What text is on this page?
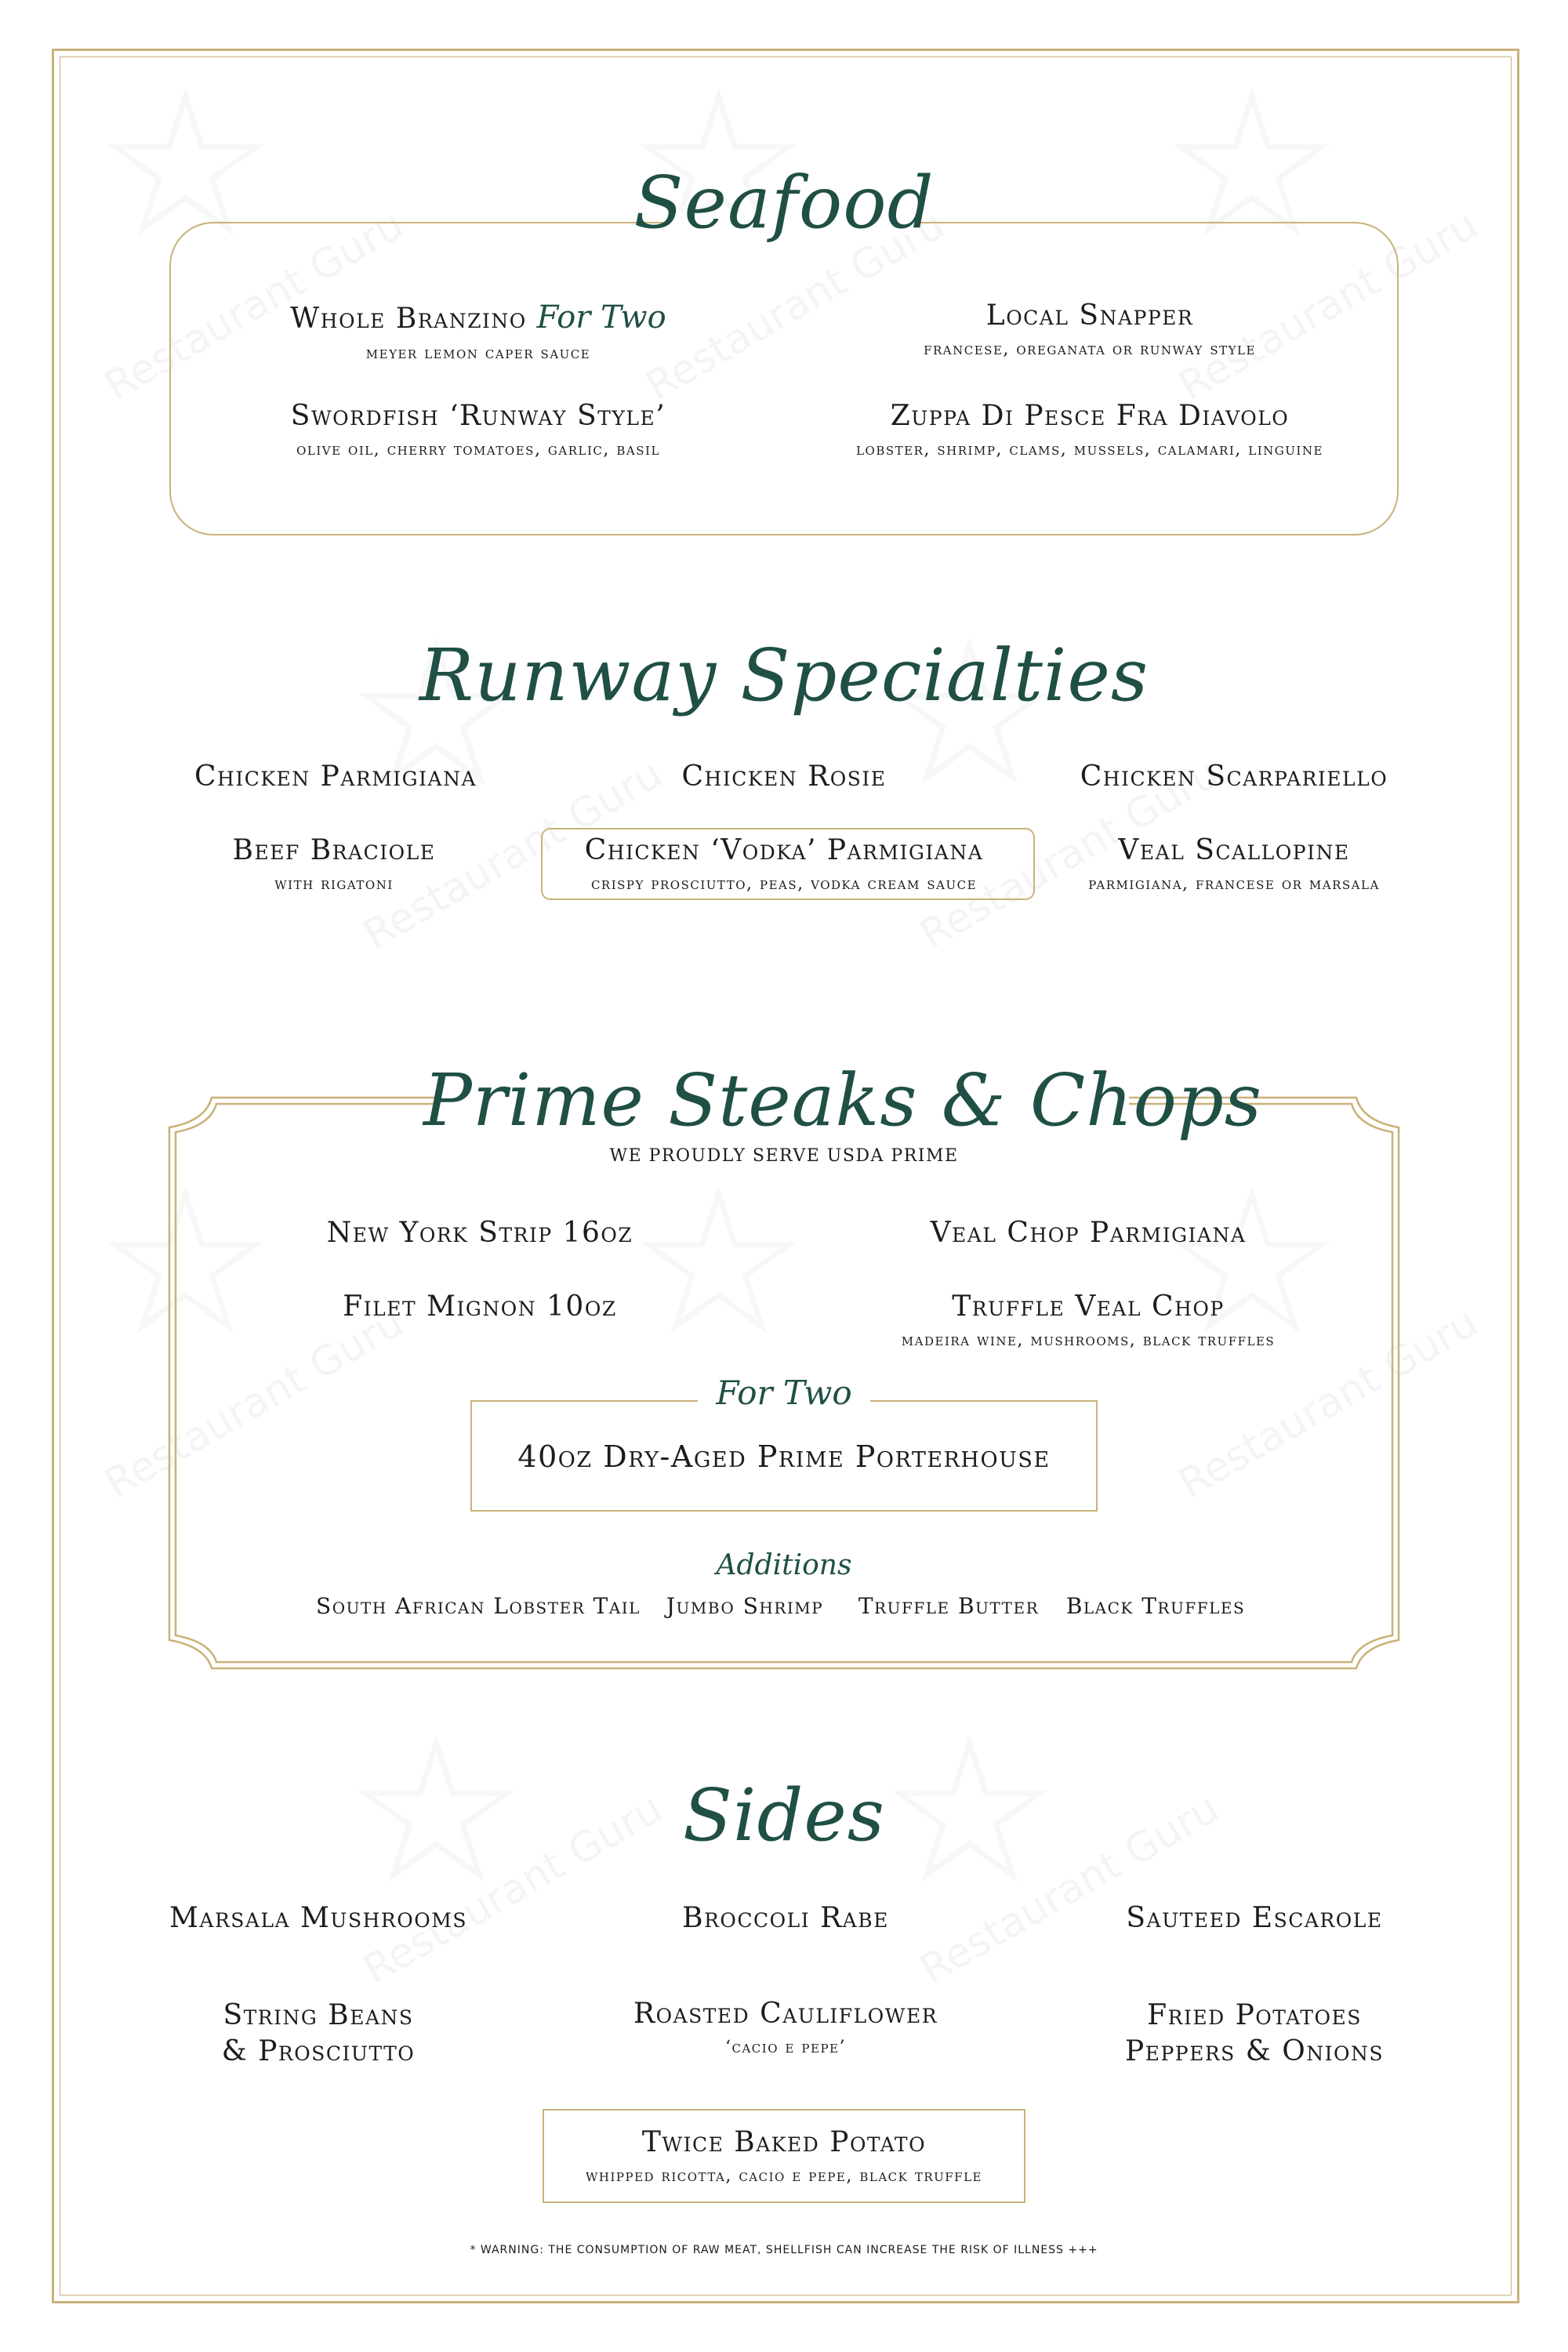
Seafood
Whole Branzino For Two
meyer lemon caper sauce
Local Snapper
francese, oreganata or runway style
Swordfish ‘Runway Style’
olive oil, cherry tomatoes, garlic, basil
Zuppa Di Pesce Fra Diavolo
lobster, shrimp, clams, mussels, calamari, linguine
Runway Specialties
Chicken Parmigiana	Chicken Rosie	Chicken Scarpariello
Beef Braciole
with rigatoni
Chicken ‘Vodka’ Parmigiana
crispy prosciutto, peas, vodka cream sauce
Veal Scallopine
parmigiana, francese or marsala
Prime Steaks & Chops
WE PROUDLY SERVE USDA PRIME
New York Strip 16oz	Veal Chop Parmigiana
Filet Mignon 10oz	Truffle Veal Chop
madeira wine, mushrooms, black truffles
For Two
40oz Dry-Aged Prime Porterhouse
Additions
South African Lobster Tail	Jumbo Shrimp	Truffle Butter	Black Truffles
Sides
Marsala Mushrooms	Broccoli Rabe	Sauteed Escarole
String Beans
& Prosciutto
Roasted Cauliflower
‘cacio e pepe’
Fried Potatoes
Peppers & Onions
Twice Baked Potato
whipped ricotta, cacio e pepe, black truffle
* WARNING: THE CONSUMPTION OF RAW MEAT, SHELLFISH CAN INCREASE THE RISK OF ILLNESS +++
